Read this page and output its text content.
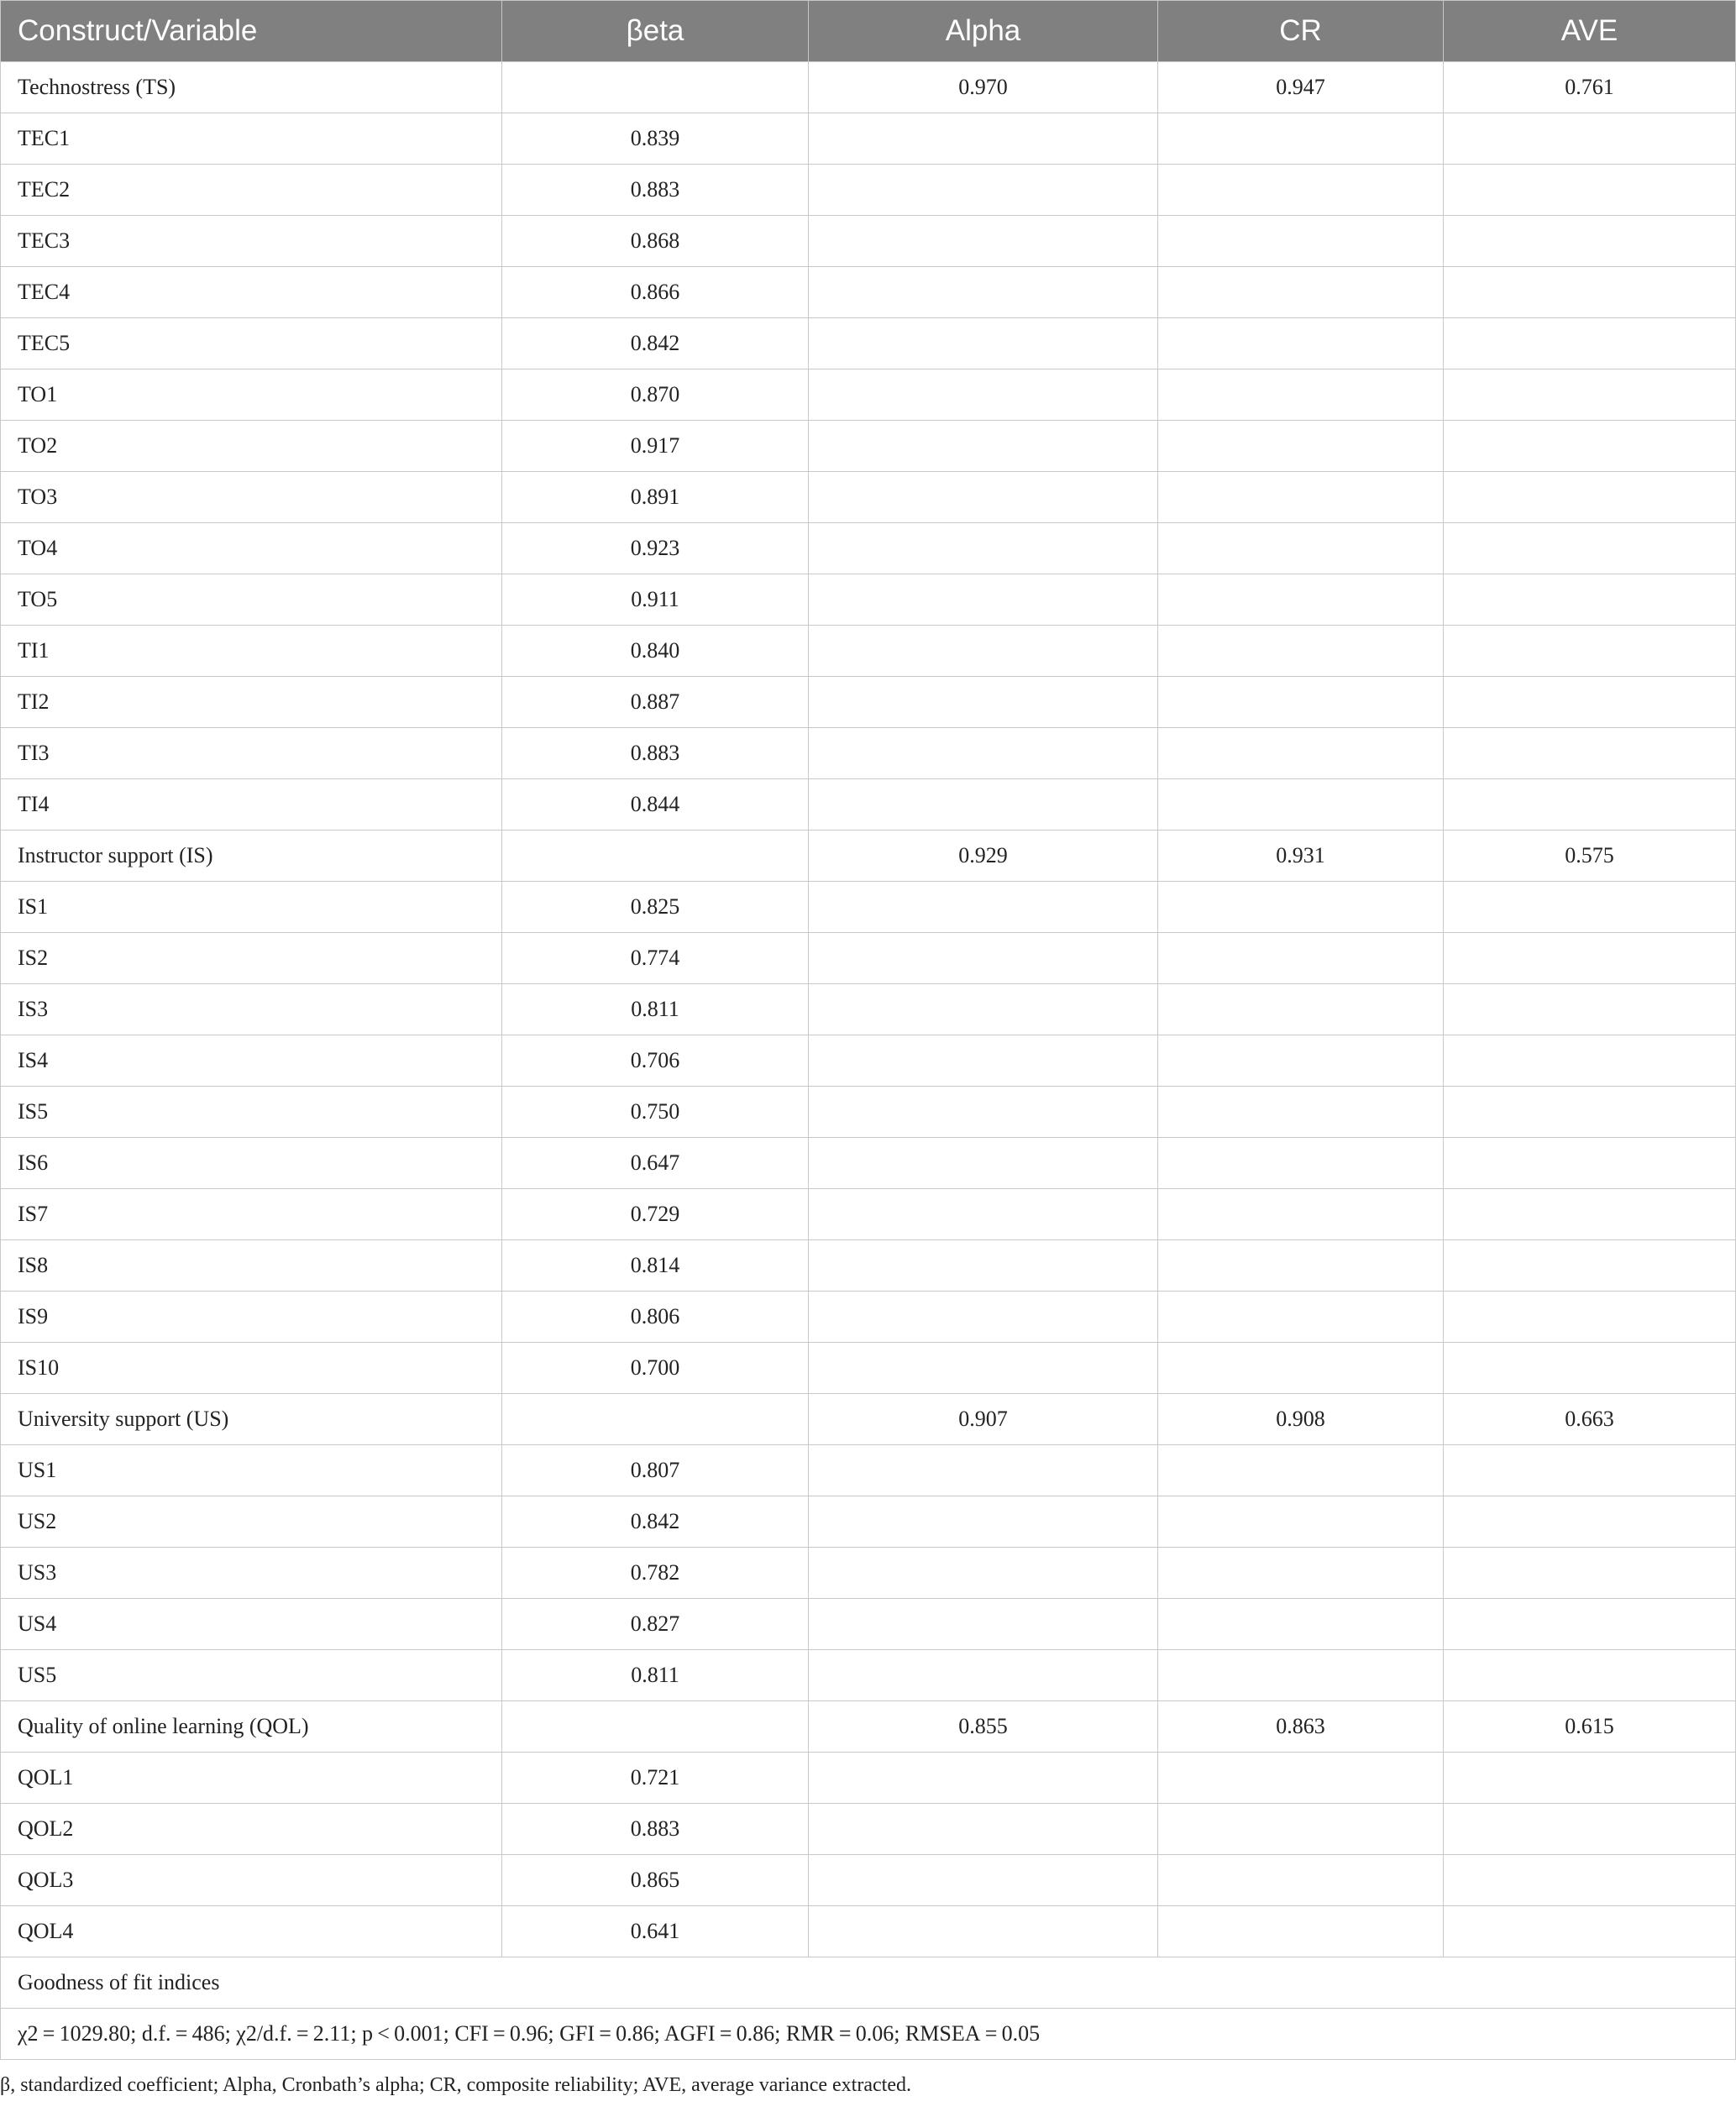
Construct/Variable	βeta	Alpha	CR	AVE
Technostress (TS)		0.970	0.947	0.761
TEC1	0.839			
TEC2	0.883			
TEC3	0.868			
TEC4	0.866			
TEC5	0.842			
TO1	0.870			
TO2	0.917			
TO3	0.891			
TO4	0.923			
TO5	0.911			
TI1	0.840			
TI2	0.887			
TI3	0.883			
TI4	0.844			
Instructor support (IS)		0.929	0.931	0.575
IS1	0.825			
IS2	0.774			
IS3	0.811			
IS4	0.706			
IS5	0.750			
IS6	0.647			
IS7	0.729			
IS8	0.814			
IS9	0.806			
IS10	0.700			
University support (US)		0.907	0.908	0.663
US1	0.807			
US2	0.842			
US3	0.782			
US4	0.827			
US5	0.811			
Quality of online learning (QOL)		0.855	0.863	0.615
QOL1	0.721			
QOL2	0.883			
QOL3	0.865			
QOL4	0.641			
Goodness of fit indices				
χ2 = 1029.80; d.f. = 486; χ2/d.f. = 2.11; p < 0.001; CFI = 0.96; GFI = 0.86; AGFI = 0.86; RMR = 0.06; RMSEA = 0.05				
β, standardized coefficient; Alpha, Cronbath’s alpha; CR, composite reliability; AVE, average variance extracted.
